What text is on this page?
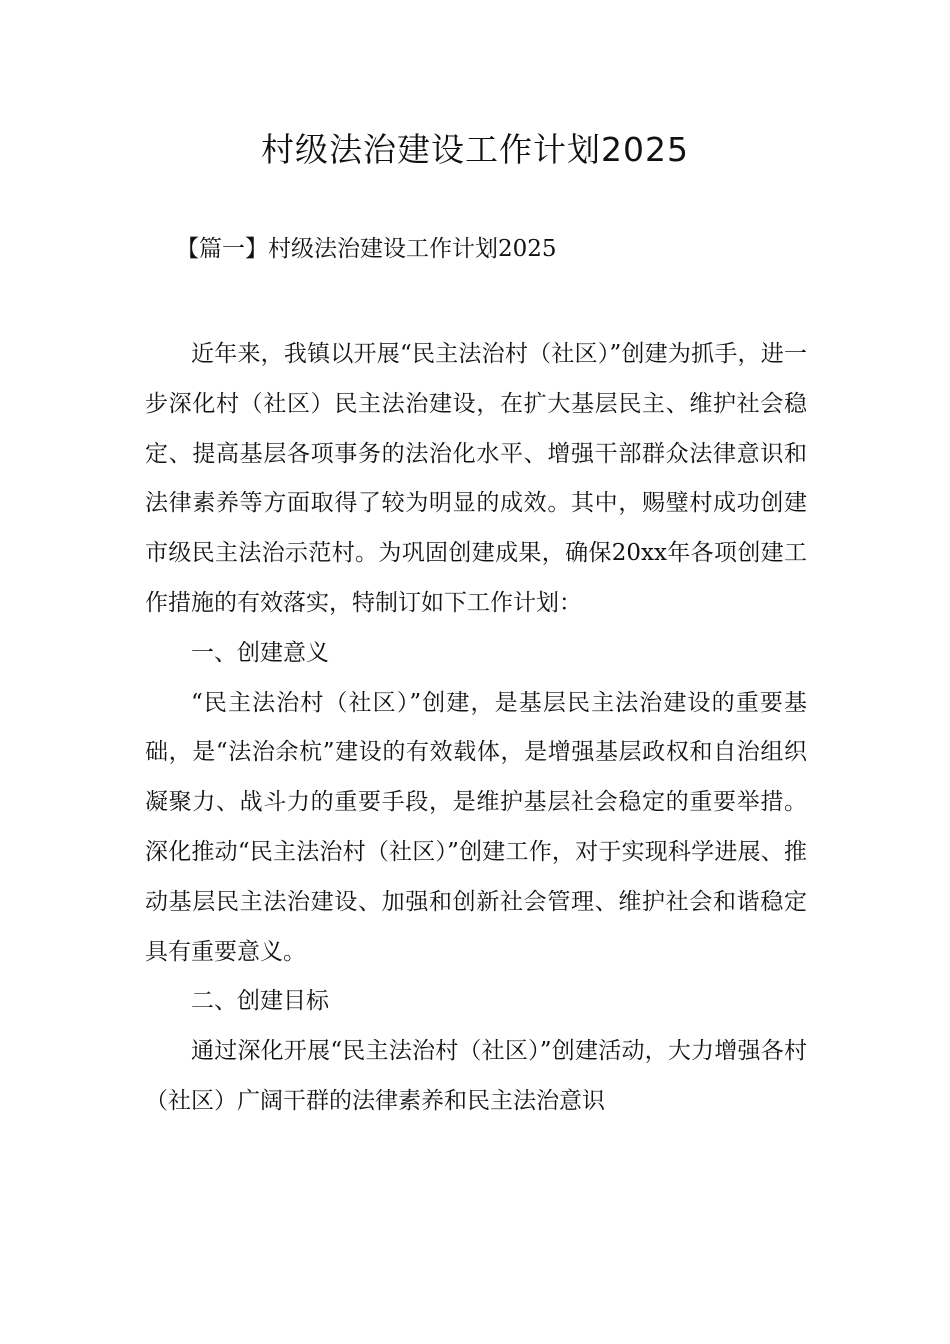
村级法治建设工作计划2025
【篇一】村级法治建设工作计划2025

近年来，我镇以开展“民主法治村（社区）”创建为抓手，进一步深化村（社区）民主法治建设，在扩大基层民主、维护社会稳定、提高基层各项事务的法治化水平、增强干部群众法律意识和法律素养等方面取得了较为明显的成效。其中，赐璧村成功创建市级民主法治示范村。为巩固创建成果，确保20xx年各项创建工作措施的有效落实，特制订如下工作计划：

一、创建意义

“民主法治村（社区）”创建，是基层民主法治建设的重要基础，是“法治余杭”建设的有效载体，是增强基层政权和自治组织凝聚力、战斗力的重要手段，是维护基层社会稳定的重要举措。深化推动“民主法治村（社区）”创建工作，对于实现科学进展、推动基层民主法治建设、加强和创新社会管理、维护社会和谐稳定具有重要意义。

二、创建目标

通过深化开展“民主法治村（社区）”创建活动，大力增强各村（社区）广阔干群的法律素养和民主法治意识
